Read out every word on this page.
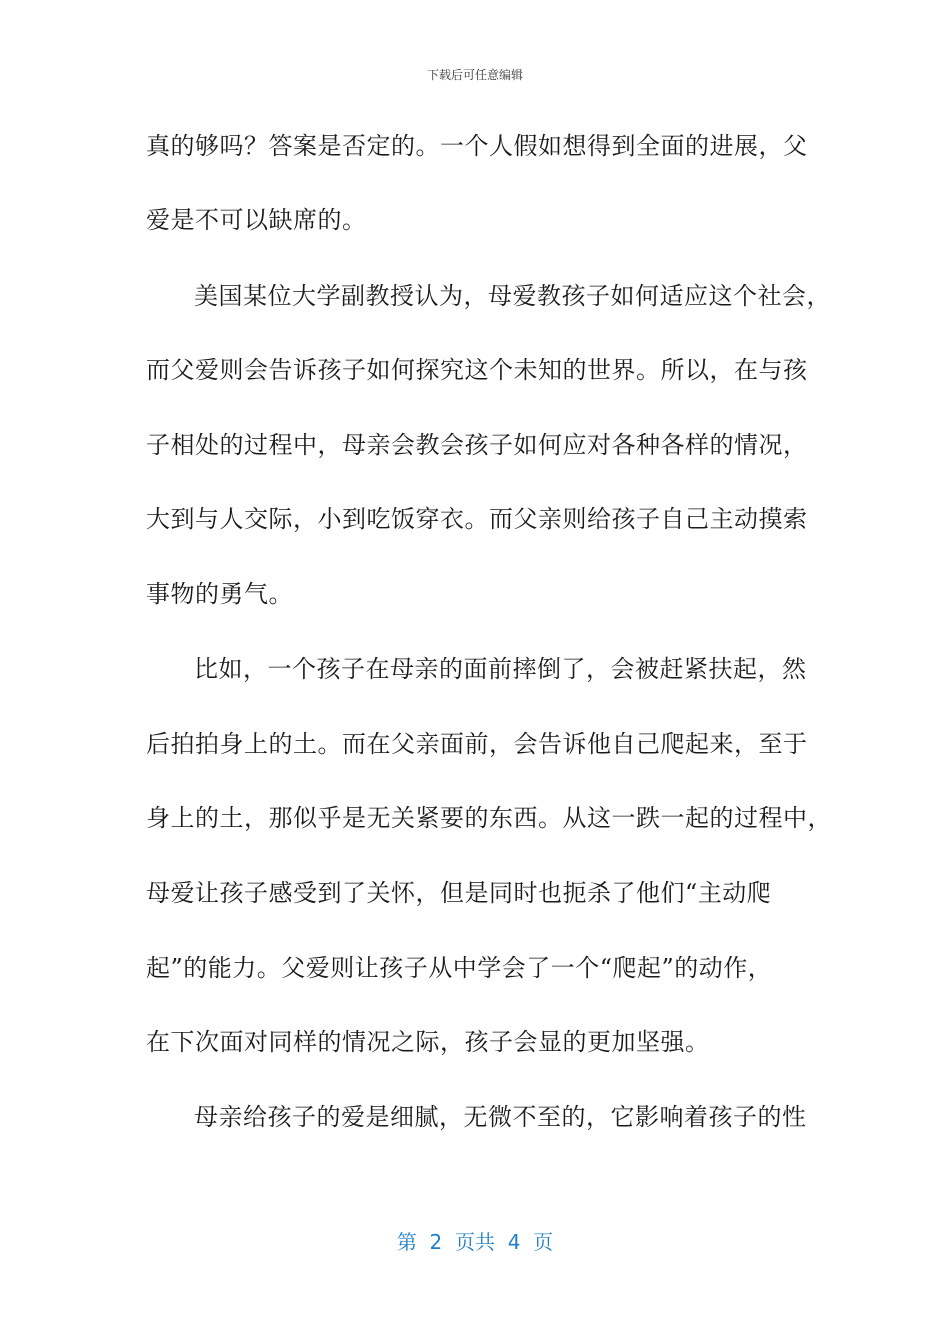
下载后可任意编辑
真的够吗？答案是否定的。一个人假如想得到全面的进展，父
爱是不可以缺席的。
美国某位大学副教授认为，母爱教孩子如何适应这个社会，
而父爱则会告诉孩子如何探究这个未知的世界。所以，在与孩
子相处的过程中，母亲会教会孩子如何应对各种各样的情况，
大到与人交际，小到吃饭穿衣。而父亲则给孩子自己主动摸索
事物的勇气。
比如，一个孩子在母亲的面前摔倒了，会被赶紧扶起，然
后拍拍身上的土。而在父亲面前，会告诉他自己爬起来，至于
身上的土，那似乎是无关紧要的东西。从这一跌一起的过程中，
母爱让孩子感受到了关怀，但是同时也扼杀了他们“主动爬
起”的能力。父爱则让孩子从中学会了一个“爬起”的动作，
在下次面对同样的情况之际，孩子会显的更加坚强。
母亲给孩子的爱是细腻，无微不至的，它影响着孩子的性
第  2  页共  4  页
